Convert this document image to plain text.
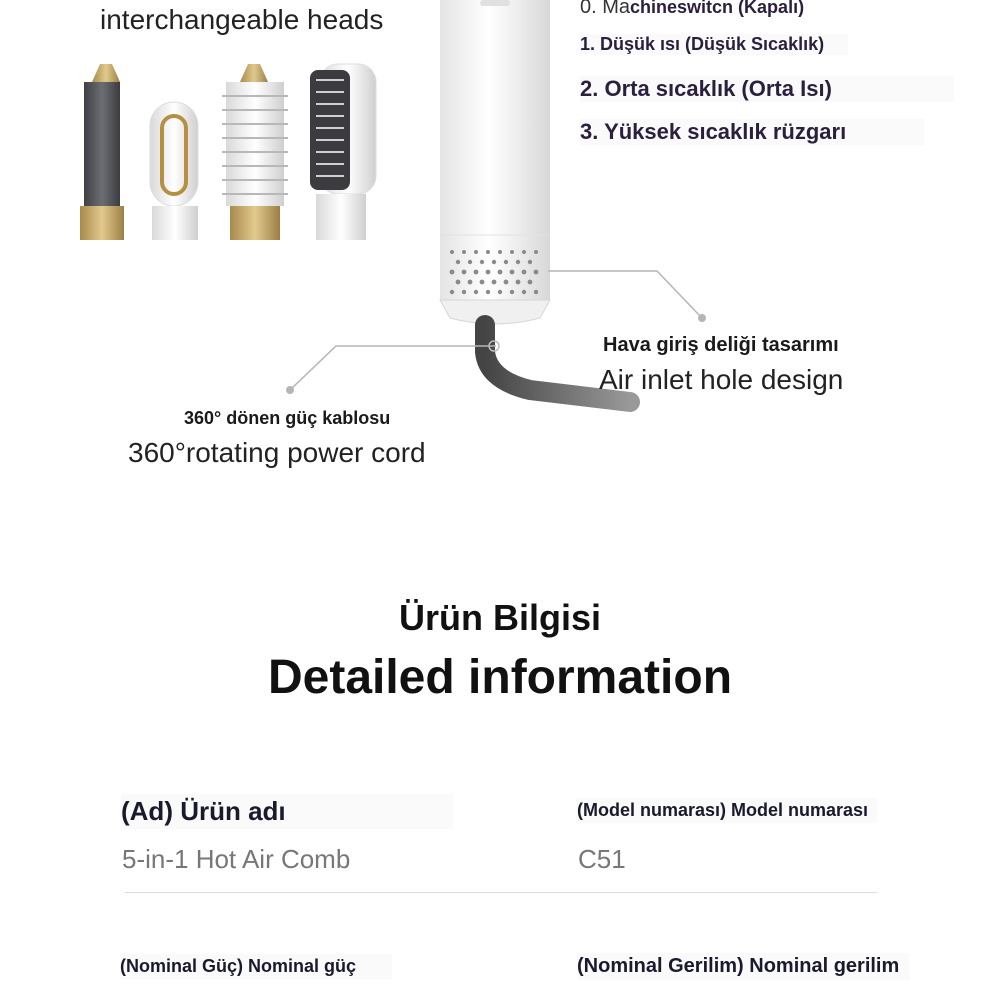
interchangeable heads	0. Machineswitcn (Kapalı)
1. Düşük ısı (Düşük Sıcaklık)
2. Orta sıcaklık (Orta Isı)
3. Yüksek sıcaklık rüzgarı
Hava giriş deliği tasarımı
Air inlet hole design
360° dönen güç kablosu
360°rotating power cord
Ürün Bilgisi
Detailed information
(Ad) Ürün adı
5-in-1 Hot Air Comb
(Model numarası) Model numarası
C51
(Nominal Güç) Nominal güç	(Nominal Gerilim) Nominal gerilim
